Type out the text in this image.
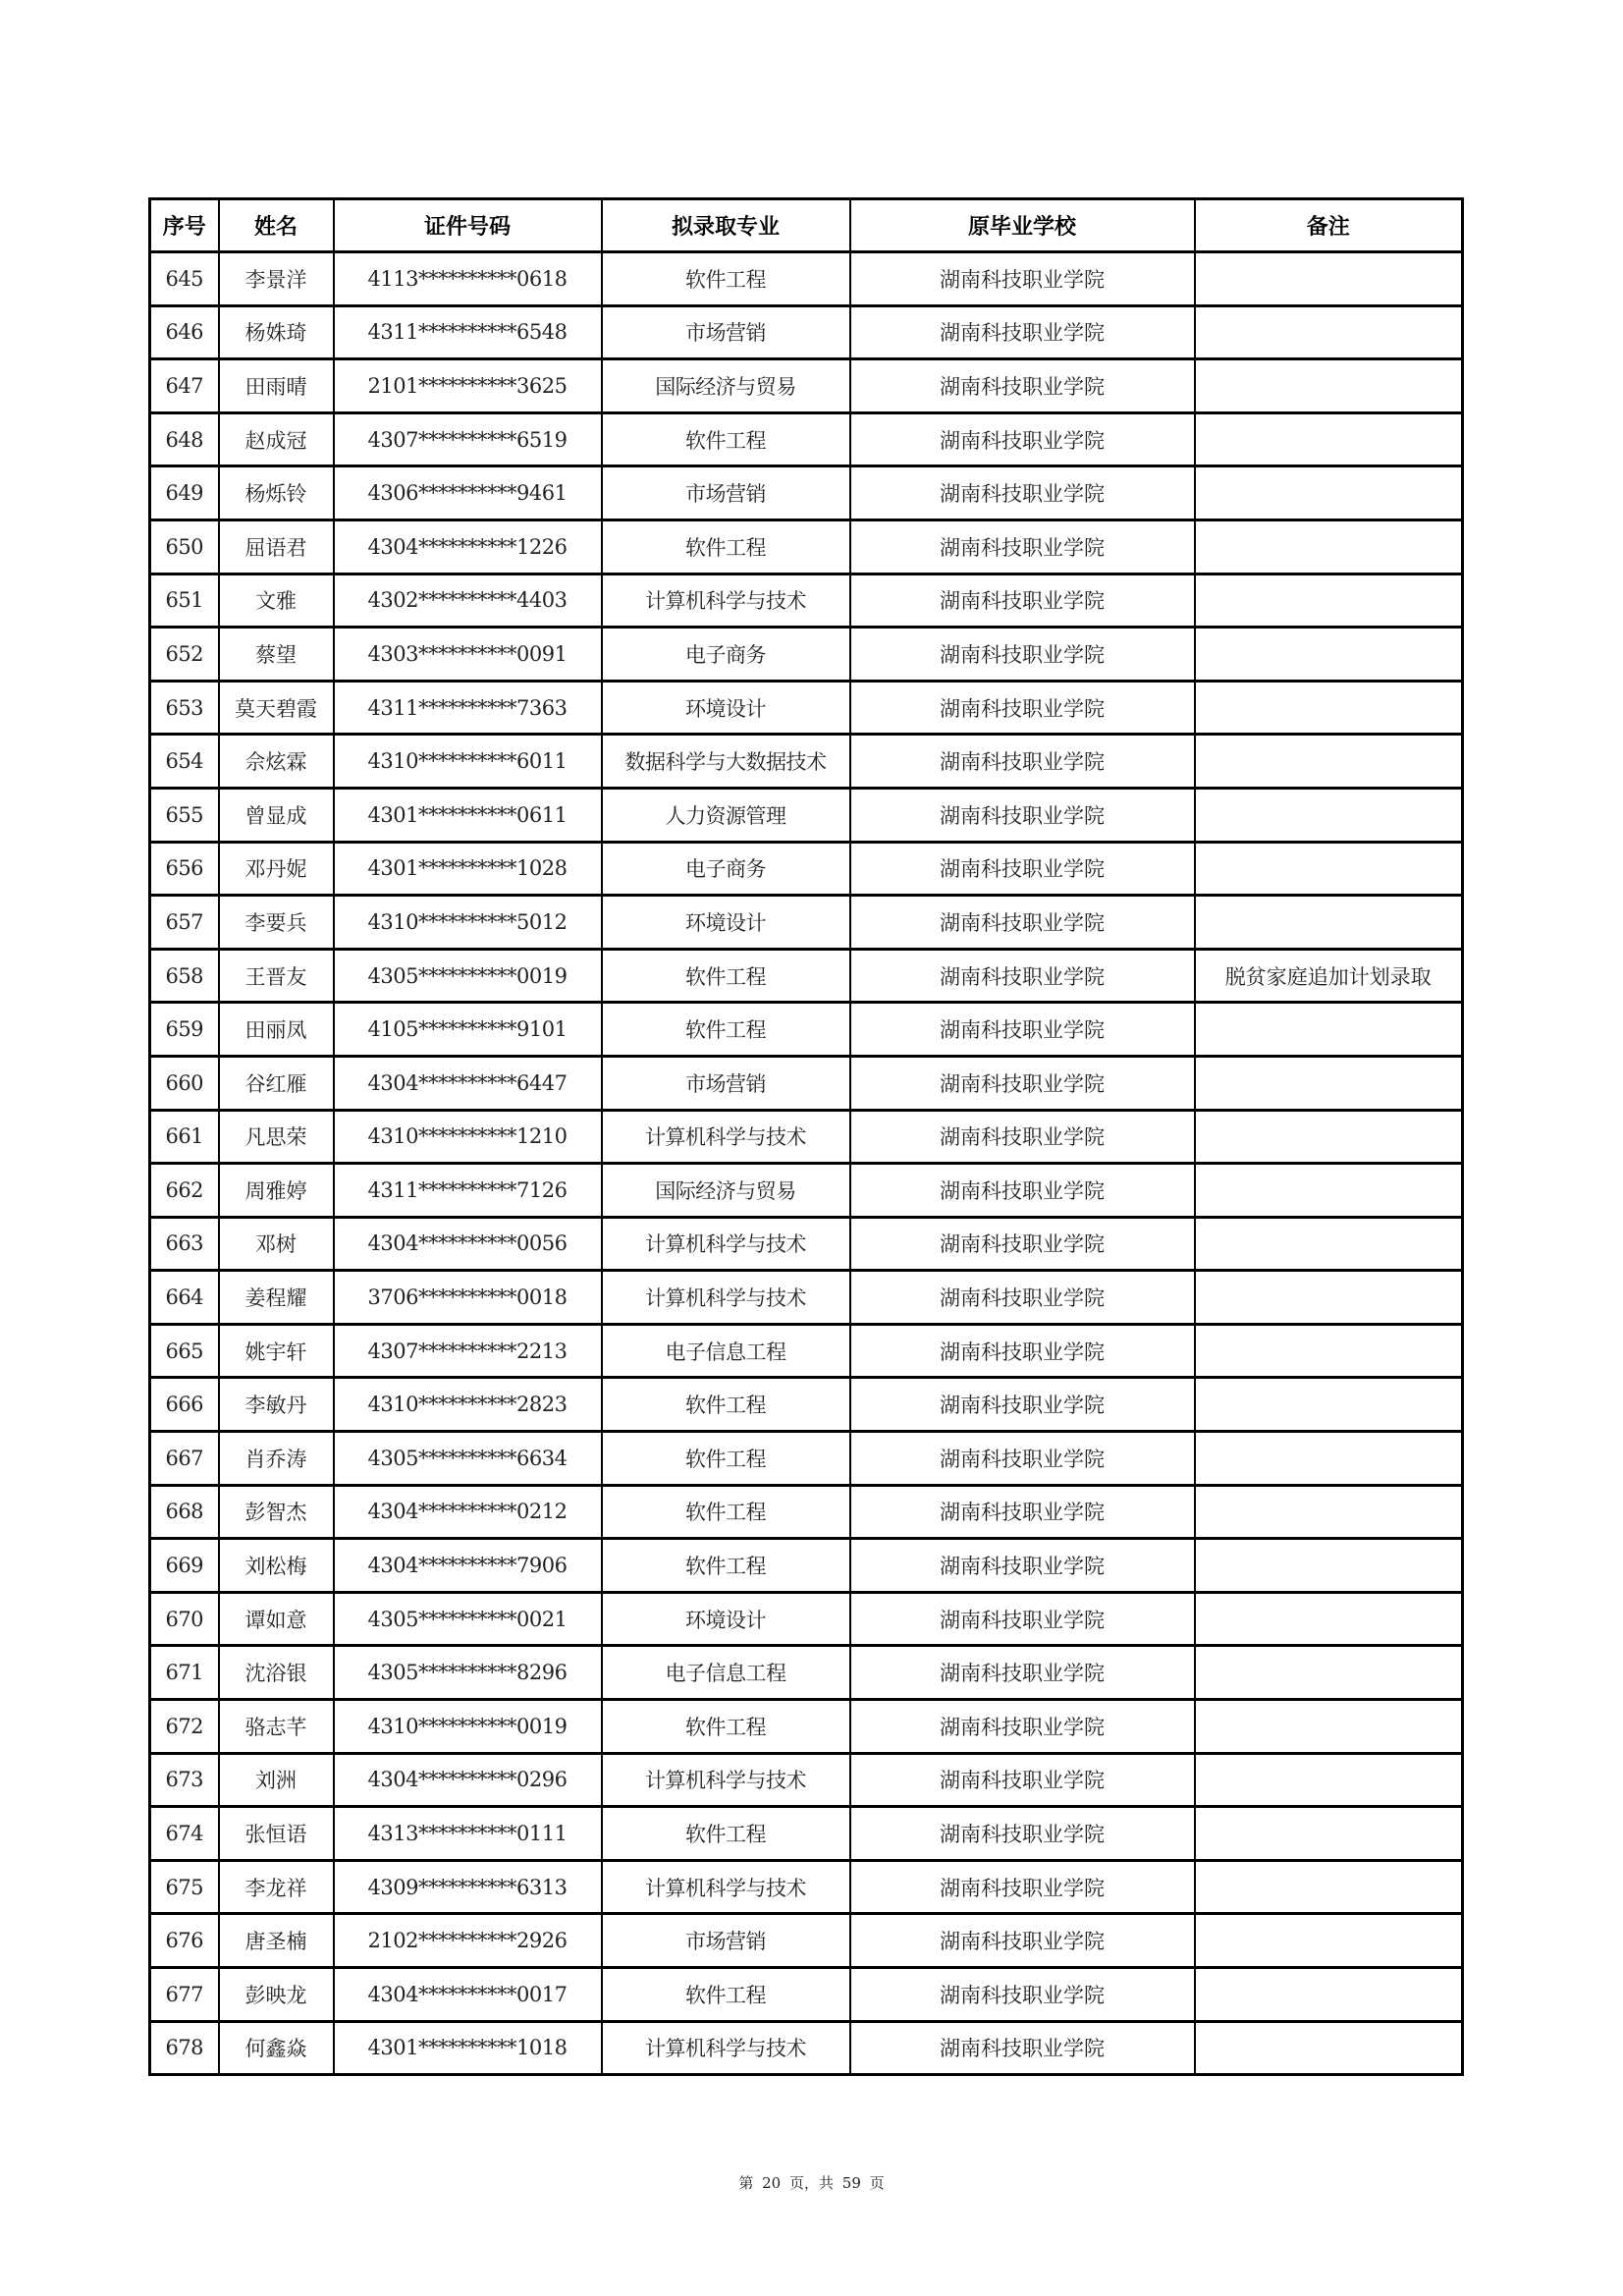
序号	姓名	证件号码	拟录取专业	原毕业学校	备注
645	李景洋	4113**********0618	软件工程	湖南科技职业学院	
646	杨姝琦	4311**********6548	市场营销	湖南科技职业学院	
647	田雨晴	2101**********3625	国际经济与贸易	湖南科技职业学院	
648	赵成冠	4307**********6519	软件工程	湖南科技职业学院	
649	杨烁铃	4306**********9461	市场营销	湖南科技职业学院	
650	屈语君	4304**********1226	软件工程	湖南科技职业学院	
651	文雅	4302**********4403	计算机科学与技术	湖南科技职业学院	
652	蔡望	4303**********0091	电子商务	湖南科技职业学院	
653	莫天碧霞	4311**********7363	环境设计	湖南科技职业学院	
654	佘炫霖	4310**********6011	数据科学与大数据技术	湖南科技职业学院	
655	曾显成	4301**********0611	人力资源管理	湖南科技职业学院	
656	邓丹妮	4301**********1028	电子商务	湖南科技职业学院	
657	李要兵	4310**********5012	环境设计	湖南科技职业学院	
658	王晋友	4305**********0019	软件工程	湖南科技职业学院	脱贫家庭追加计划录取
659	田丽凤	4105**********9101	软件工程	湖南科技职业学院	
660	谷红雁	4304**********6447	市场营销	湖南科技职业学院	
661	凡思荣	4310**********1210	计算机科学与技术	湖南科技职业学院	
662	周雅婷	4311**********7126	国际经济与贸易	湖南科技职业学院	
663	邓树	4304**********0056	计算机科学与技术	湖南科技职业学院	
664	姜程耀	3706**********0018	计算机科学与技术	湖南科技职业学院	
665	姚宇轩	4307**********2213	电子信息工程	湖南科技职业学院	
666	李敏丹	4310**********2823	软件工程	湖南科技职业学院	
667	肖乔涛	4305**********6634	软件工程	湖南科技职业学院	
668	彭智杰	4304**********0212	软件工程	湖南科技职业学院	
669	刘松梅	4304**********7906	软件工程	湖南科技职业学院	
670	谭如意	4305**********0021	环境设计	湖南科技职业学院	
671	沈浴银	4305**********8296	电子信息工程	湖南科技职业学院	
672	骆志芊	4310**********0019	软件工程	湖南科技职业学院	
673	刘洲	4304**********0296	计算机科学与技术	湖南科技职业学院	
674	张恒语	4313**********0111	软件工程	湖南科技职业学院	
675	李龙祥	4309**********6313	计算机科学与技术	湖南科技职业学院	
676	唐圣楠	2102**********2926	市场营销	湖南科技职业学院	
677	彭映龙	4304**********0017	软件工程	湖南科技职业学院	
678	何鑫焱	4301**********1018	计算机科学与技术	湖南科技职业学院	
第 20 页，共 59 页
